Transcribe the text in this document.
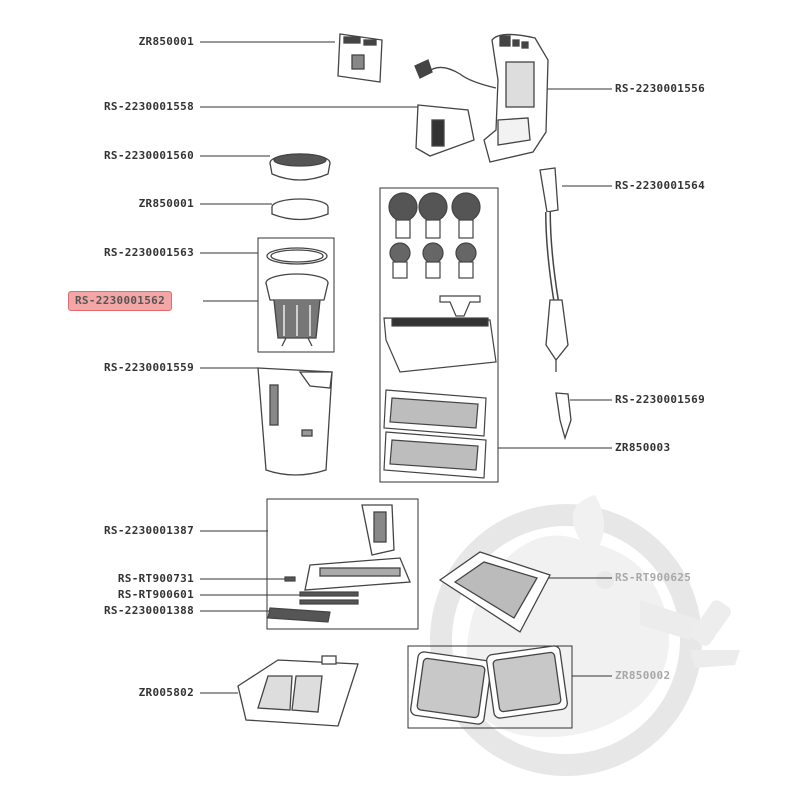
ZR850001
RS-2230001558
RS-2230001560
ZR850001
RS-2230001563
RS-2230001562
RS-2230001559
RS-2230001387
RS-RT900731
RS-RT900601
RS-2230001388
ZR005802
RS-2230001556
RS-2230001564
RS-2230001569
ZR850003
RS-RT900625
ZR850002
